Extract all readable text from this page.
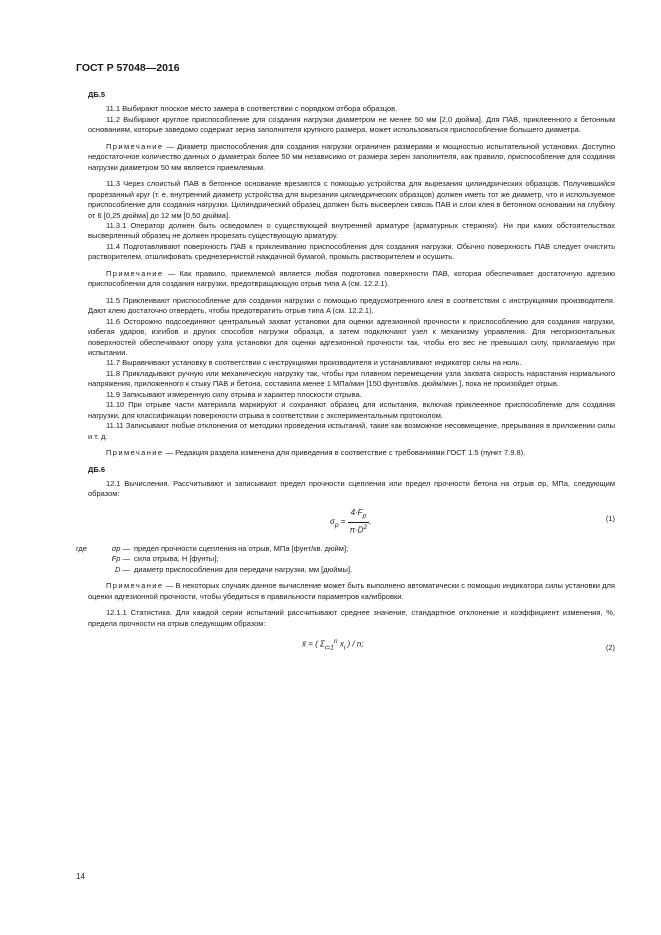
ГОСТ Р 57048—2016
ДБ.5

11.1 Выбирают плоское место замера в соответствии с порядком отбора образцов.

11.2 Выбирают круглое приспособление для создания нагрузки диаметром не менее 50 мм [2,0 дюйма]. Для ПАВ, приклеенного к бетонным основаниям, которые заведомо содержат зерна заполнителя крупного размера, может использоваться приспособление большего диаметра.

Примечание — Диаметр приспособления для создания нагрузки ограничен размерами и мощностью испытательной установки. Доступно недостаточное количество данных о диаметрах более 50 мм независимо от размера зерен заполнителя, как правило, приспособление для создания нагрузки диаметром 50 мм является приемлемым.

11.3 Через слоистый ПАВ в бетонное основание врезаются с помощью устройства для вырезания цилиндрических образцов. Получившийся прорезанный круг (т. е. внутренний диаметр устройства для вырезания цилиндрических образцов) должен иметь тот же диаметр, что и используемое приспособление для создания нагрузки. Цилиндрический образец должен быть высверлен сквозь ПАВ и слои клея в бетонном основании на глубину от 6 [0,25 дюйма] до 12 мм [0,50 дюйма].

11.3.1 Оператор должен быть осведомлен о существующей внутренней арматуре (арматурных стержнях). Ни при каких обстоятельствах высверленный образец не должен прорезать существующую арматуру.

11.4 Подготавливают поверхность ПАВ к приклеиванию приспособления для создания нагрузки. Обычно поверхность ПАВ следует очистить растворителем, отшлифовать среднезернистой наждачной бумагой, промыть растворителем и осушить.

Примечание — Как правило, приемлемой является любая подготовка поверхности ПАВ, которая обеспечивает достаточную адгезию приспособления для создания нагрузки, предотвращающую отрыв типа A (см. 12.2.1).

11.5 Приклеивают приспособление для создания нагрузки с помощью предусмотренного клея в соответствии с инструкциями производителя. Дают клею достаточно отвердеть, чтобы предотвратить отрыв типа A (см. 12.2.1).

11.6 Осторожно подсоединяют центральный захват установки для оценки адгезионной прочности к приспособлению для создания нагрузки, избегая ударов, изгибов и других способов нагрузки образца, а затем подключают узел к механизму управления. Для негоризонтальных поверхностей обеспечивают опору узла установки для оценки адгезионной прочности так, чтобы его вес не превышал силу, прилагаемую при испытании.

11.7 Выравнивают установку в соответствии с инструкциями производителя и устанавливают индикатор силы на ноль.

11.8 Прикладывают ручную или механическую нагрузку так, чтобы при плавном перемещении узла захвата скорость нарастания нормального напряжения, приложенного к стыку ПАВ и бетона, составила менее 1 МПа/мин [150 фунтов/кв. дюйм/мин.], пока не произойдет отрыв.

11.9 Записывают измеренную силу отрыва и характер плоскости отрыва.

11.10 При отрыве части материала маркируют и сохраняют образец для испытания, включая приклеенное приспособление для создания нагрузки, для классификации поверхности отрыва в соответствии с экспериментальным протоколом.

11.11 Записывают любые отклонения от методики проведения испытаний, такие как возможное несовмещение, прерывания в приложении силы и т. д.

Примечание — Редакция раздела изменена для приведения в соответствие с требованиями ГОСТ 1.5 (пункт 7.9.8).

ДБ.6

12.1 Вычисления. Рассчитывают и записывают предел прочности сцепления или предел прочности бетона на отрыв σp, МПа, следующим образом:

$\sigma_p = \frac{4\cdot F_p}{\pi\cdot D^2}$ ,	(1)
где	σp — предел прочности сцепления на отрыв, МПа [фунт/кв. дюйм];
Fp — сила отрыва, Н [фунты];
D — диаметр приспособления для передачи нагрузки, мм [дюймы].

Примечание — В некоторых случаях данное вычисление может быть выполнено автоматически с помощью индикатора силы установки для оценки адгезионной прочности, чтобы убедиться в правильности параметров калибровки.

12.1.1 Статистика. Для каждой серии испытаний рассчитывают среднее значение, стандартное отклонение и коэффициент изменения, %, предела прочности на отрыв следующим образом:

x̄ = ( $\Sigma_{i=1}^n$ $x_i$ ) / n;	(2)
14
